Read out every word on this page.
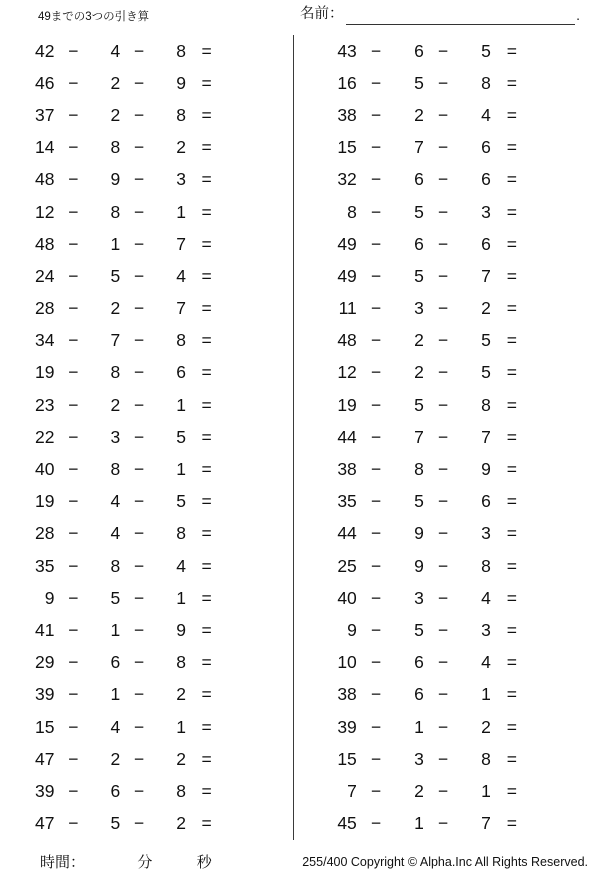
49までの3つの引き算	名前：	.
42 −	4 −	8 =
46 −	2 −	9 =
37 −	2 −	8 =
14 −	8 −	2 =
48 −	9 −	3 =
12 −	8 −	1 =
48 −	1 −	7 =
24 −	5 −	4 =
28 −	2 −	7 =
34 −	7 −	8 =
19 −	8 −	6 =
23 −	2 −	1 =
22 −	3 −	5 =
40 −	8 −	1 =
19 −	4 −	5 =
28 −	4 −	8 =
35 −	8 −	4 =
9 −	5 −	1 =
41 −	1 −	9 =
29 −	6 −	8 =
39 −	1 −	2 =
15 −	4 −	1 =
47 −	2 −	2 =
39 −	6 −	8 =
47 −	5 −	2 =
43 −	6 −	5 =
16 −	5 −	8 =
38 −	2 −	4 =
15 −	7 −	6 =
32 −	6 −	6 =
8 −	5 −	3 =
49 −	6 −	6 =
49 −	5 −	7 =
11 −	3 −	2 =
48 −	2 −	5 =
12 −	2 −	5 =
19 −	5 −	8 =
44 −	7 −	7 =
38 −	8 −	9 =
35 −	5 −	6 =
44 −	9 −	3 =
25 −	9 −	8 =
40 −	3 −	4 =
9 −	5 −	3 =
10 −	6 −	4 =
38 −	6 −	1 =
39 −	1 −	2 =
15 −	3 −	8 =
7 −	2 −	1 =
45 −	1 −	7 =
時間：	分	秒	255/400 Copyright © Alpha.Inc All Rights Reserved.
